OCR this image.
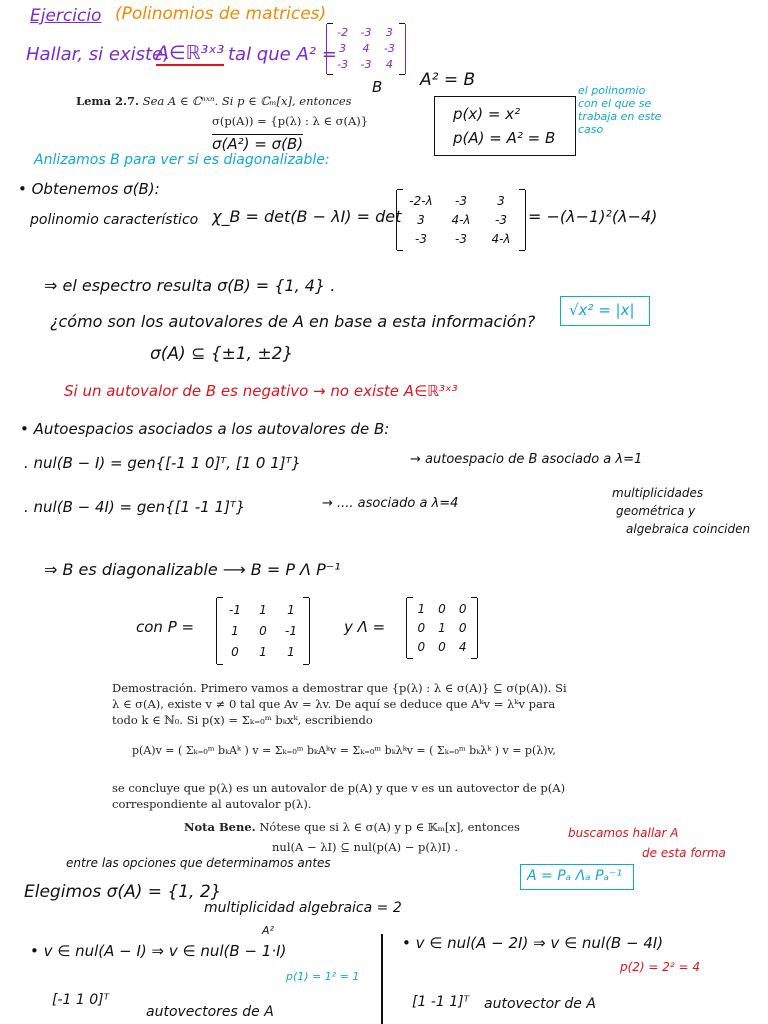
Ejercicio (Polinomios de matrices)
Hallar, si existe,
A∈ℝ³ˣ³ tal que A² =
-2	-3	3
3	4	-3
-3	-3	4
B A² = B
Lema 2.7. Sea A ∈ ℂⁿˣⁿ. Si p ∈ ℂₘ[x], entonces
σ(p(A)) = {p(λ) : λ ∈ σ(A)}
σ(A²) = σ(B)
p(x) = x²
p(A) = A² = B
el polinomio
con el que se
trabaja en este
caso
Anlizamos B para ver si es diagonalizable:
• Obtenemos σ(B):
polinomio característico χ_B = det(B − λI) = det
-2-λ	-3	3
3	4-λ	-3
-3	-3	4-λ
= −(λ−1)²(λ−4)
⇒ el espectro resulta σ(B) = {1, 4} .
¿cómo son los autovalores de A en base a esta información?
√x² = |x|
σ(A) ⊆ {±1, ±2}
Si un autovalor de B es negativo → no existe A∈ℝ³ˣ³
• Autoespacios asociados a los autovalores de B:
. nul(B − I) = gen{[-1 1 0]ᵀ, [1 0 1]ᵀ}	→ autoespacio de B asociado a λ=1
multiplicidades
geométrica y
algebraica coinciden
. nul(B − 4I) = gen{[1 -1 1]ᵀ}	→ .... asociado a λ=4
⇒ B es diagonalizable ⟶ B = P Λ P⁻¹
con P =
-1	1	1
1	0	-1
0	1	1
y Λ =
1	0	0
0	1	0
0	0	4
Demostración. Primero vamos a demostrar que {p(λ) : λ ∈ σ(A)} ⊆ σ(p(A)). Si
λ ∈ σ(A), existe v ≠ 0 tal que Av = λv. De aquí se deduce que Aᵏv = λᵏv para
todo k ∈ ℕ₀. Si p(x) = Σₖ₌₀ᵐ bₖxᵏ, escribiendo
p(A)v = ( Σₖ₌₀ᵐ bₖAᵏ ) v = Σₖ₌₀ᵐ bₖAᵏv = Σₖ₌₀ᵐ bₖλᵏv = ( Σₖ₌₀ᵐ bₖλᵏ ) v = p(λ)v,
se concluye que p(λ) es un autovalor de p(A) y que v es un autovector de p(A)
correspondiente al autovalor p(λ).
Nota Bene. Nótese que si λ ∈ σ(A) y p ∈ 𝕂ₘ[x], entonces
nul(A − λI) ⊆ nul(p(A) − p(λ)I) .
buscamos hallar A
de esta forma
A = Pₐ Λₐ Pₐ⁻¹
entre las opciones que determinamos antes
Elegimos σ(A) = {1, 2}
multiplicidad algebraica = 2
A²
• v ∈ nul(A − I) ⇒ v ∈ nul(B − 1·I)
p(1) = 1² = 1
[-1 1 0]ᵀ
autovectores de A
• v ∈ nul(A − 2I) ⇒ v ∈ nul(B − 4I)
p(2) = 2² = 4
[1 -1 1]ᵀ autovector de A
